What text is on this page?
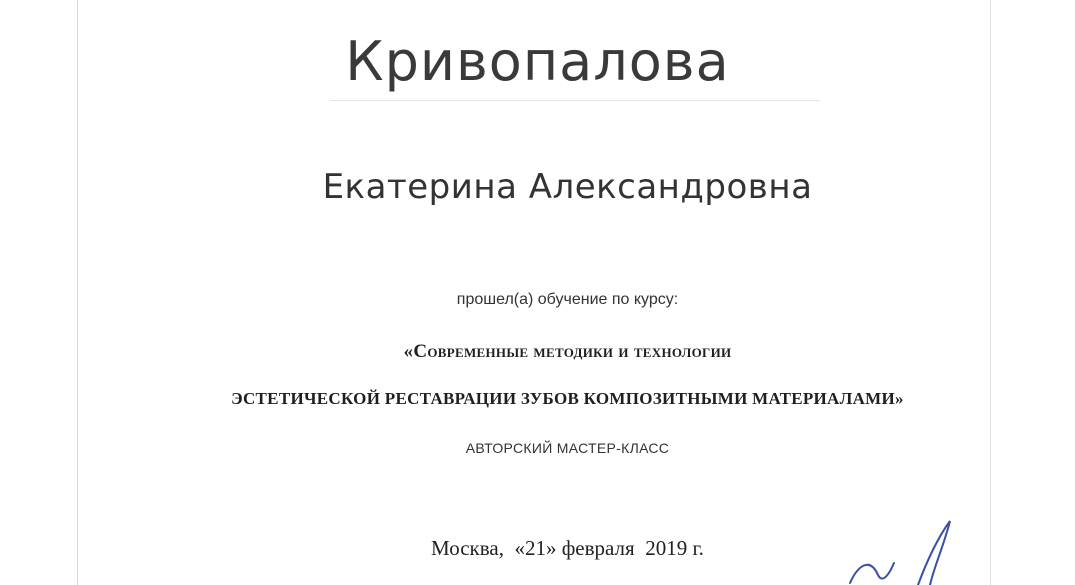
Кривопалова
Екатерина Александровна
прошел(а) обучение по курсу:
«Современные методики и технологии
ЭСТЕТИЧЕСКОЙ РЕСТАВРАЦИИ ЗУБОВ КОМПОЗИТНЫМИ МАТЕРИАЛАМИ»
АВТОРСКИЙ МАСТЕР-КЛАСС
Москва,  «21» февраля  2019 г.
